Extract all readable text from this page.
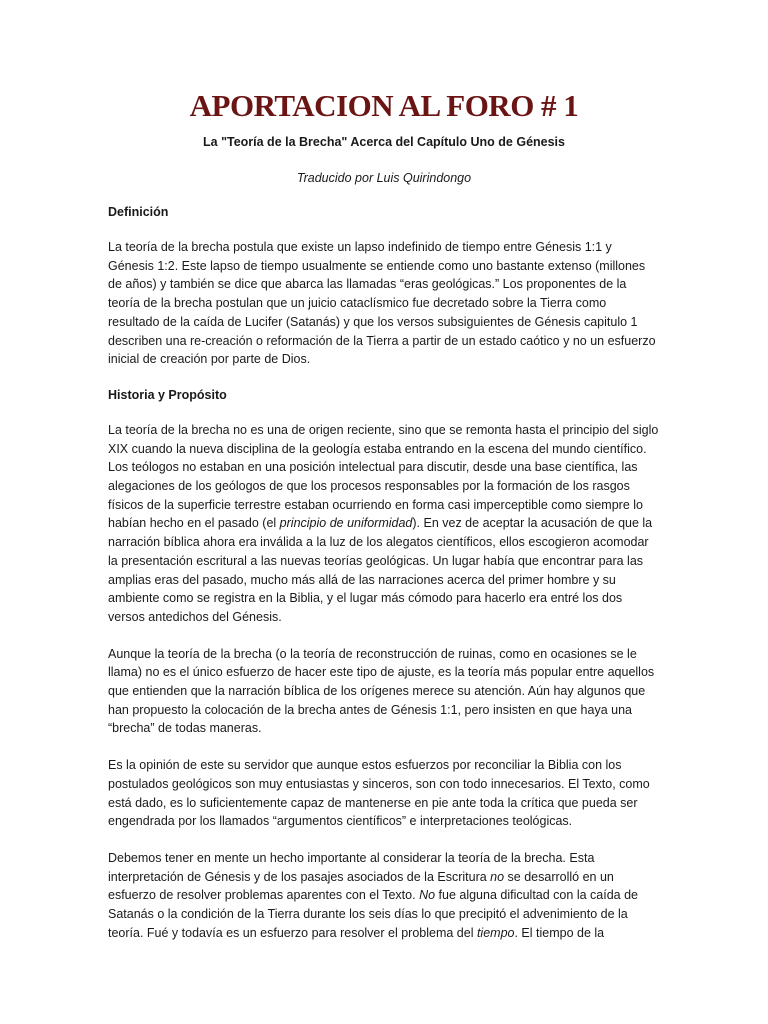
APORTACION AL FORO # 1
La "Teoría de la Brecha" Acerca del Capítulo Uno de Génesis
Traducido por Luis Quirindongo
Definición

La teoría de la brecha postula que existe un lapso indefinido de tiempo entre Génesis 1:1 y Génesis 1:2. Este lapso de tiempo usualmente se entiende como uno bastante extenso (millones de años) y también se dice que abarca las llamadas “eras geológicas.” Los proponentes de la teoría de la brecha postulan que un juicio cataclísmico fue decretado sobre la Tierra como resultado de la caída de Lucifer (Satanás) y que los versos subsiguientes de Génesis capitulo 1 describen una re-creación o reformación de la Tierra a partir de un estado caótico y no un esfuerzo inicial de creación por parte de Dios.

Historia y Propósito

La teoría de la brecha no es una de origen reciente, sino que se remonta hasta el principio del siglo XIX cuando la nueva disciplina de la geología estaba entrando en la escena del mundo científico. Los teólogos no estaban en una posición intelectual para discutir, desde una base científica, las alegaciones de los geólogos de que los procesos responsables por la formación de los rasgos físicos de la superficie terrestre estaban ocurriendo en forma casi imperceptible como siempre lo habían hecho en el pasado (el principio de uniformidad). En vez de aceptar la acusación de que la narración bíblica ahora era inválida a la luz de los alegatos científicos, ellos escogieron acomodar la presentación escritural a las nuevas teorías geológicas. Un lugar había que encontrar para las amplias eras del pasado, mucho más allá de las narraciones acerca del primer hombre y su ambiente como se registra en la Biblia, y el lugar más cómodo para hacerlo era entré los dos versos antedichos del Génesis.

Aunque la teoría de la brecha (o la teoría de reconstrucción de ruinas, como en ocasiones se le llama) no es el único esfuerzo de hacer este tipo de ajuste, es la teoría más popular entre aquellos que entienden que la narración bíblica de los orígenes merece su atención. Aún hay algunos que han propuesto la colocación de la brecha antes de Génesis 1:1, pero insisten en que haya una “brecha” de todas maneras.

Es la opinión de este su servidor que aunque estos esfuerzos por reconciliar la Biblia con los postulados geológicos son muy entusiastas y sinceros, son con todo innecesarios. El Texto, como está dado, es lo suficientemente capaz de mantenerse en pie ante toda la crítica que pueda ser engendrada por los llamados “argumentos científicos” e interpretaciones teológicas.

Debemos tener en mente un hecho importante al considerar la teoría de la brecha. Esta interpretación de Génesis y de los pasajes asociados de la Escritura no se desarrolló en un esfuerzo de resolver problemas aparentes con el Texto. No fue alguna dificultad con la caída de Satanás o la condición de la Tierra durante los seis días lo que precipitó el advenimiento de la teoría. Fué y todavía es un esfuerzo para resolver el problema del tiempo. El tiempo de la
